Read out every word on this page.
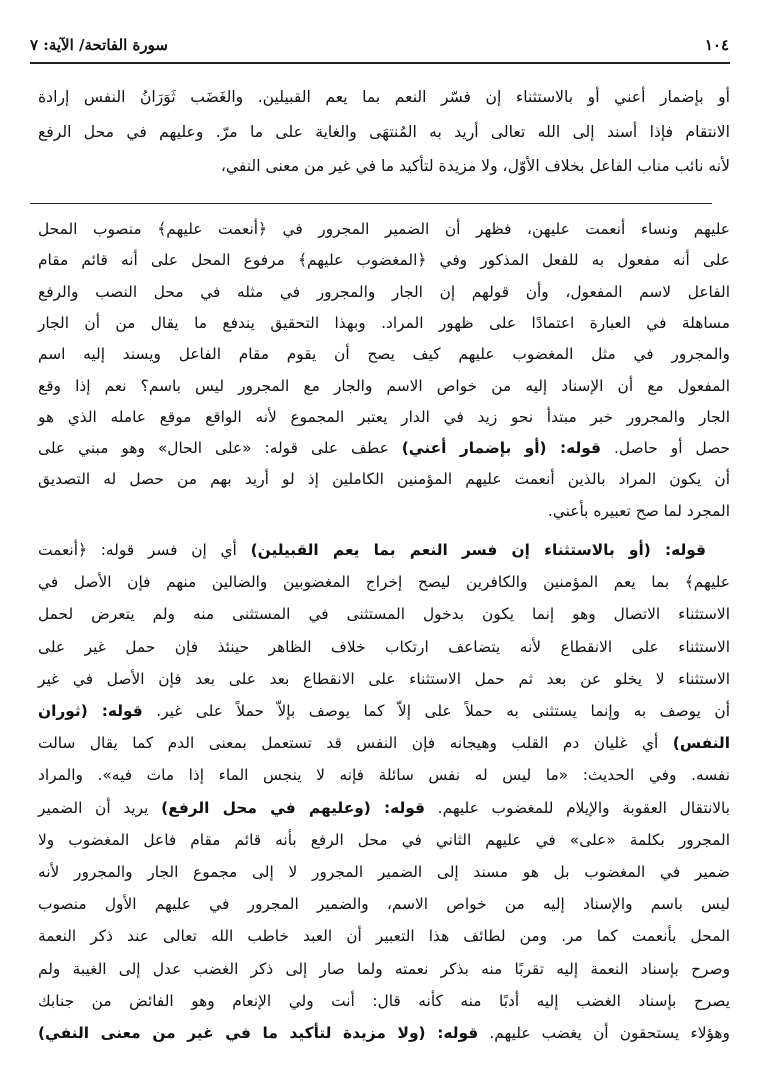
١٠٤
سورة الفاتحة/ الآية: ٧
أو بإضمار أعني أو بالاستثناء إن فسّر النعم بما يعم القبيلين. والغَضَب ثَوَرَانُ النفس إرادة
الانتقام فإذا أسند إلى الله تعالى أريد به المُنتهَى والغاية على ما مرّ. وعليهم في محل الرفع
لأنه نائب مناب الفاعل بخلاف الأوّل، ولا مزيدة لتأكيد ما في غير من معنى النفي،
عليهم ونساء أنعمت عليهن، فظهر أن الضمير المجرور في ﴿أنعمت عليهم﴾ منصوب المحل
على أنه مفعول به للفعل المذكور وفي ﴿المغضوب عليهم﴾ مرفوع المحل على أنه قائم مقام
الفاعل لاسم المفعول، وأن قولهم إن الجار والمجرور في مثله في محل النصب والرفع
مساهلة في العبارة اعتمادًا على ظهور المراد. وبهذا التحقيق يندفع ما يقال من أن الجار
والمجرور في مثل المغضوب عليهم كيف يصح أن يقوم مقام الفاعل ويسند إليه اسم
المفعول مع أن الإسناد إليه من خواص الاسم والجار مع المجرور ليس باسم؟ نعم إذا وقع
الجار والمجرور خبر مبتدأ نحو زيد في الدار يعتبر المجموع لأنه الواقع موقع عامله الذي هو
حصل أو حاصل. قوله: (أو بإضمار أعني) عطف على قوله: «على الحال» وهو مبني على
أن يكون المراد بالذين أنعمت عليهم المؤمنين الكاملين إذ لو أريد بهم من حصل له التصديق
المجرد لما صح تعبيره بأعني.
قوله: (أو بالاستثناء إن فسر النعم بما يعم القبيلين) أي إن فسر قوله: ﴿أنعمت
عليهم﴾ بما يعم المؤمنين والكافرين ليصح إخراج المغضوبين والضالين منهم فإن الأصل في
الاستثناء الاتصال وهو إنما يكون بدخول المستثنى في المستثنى منه ولم يتعرض لحمل
الاستثناء على الانقطاع لأنه يتضاعف ارتكاب خلاف الظاهر حينئذ فإن حمل غير على
الاستثناء لا يخلو عن بعد ثم حمل الاستثناء على الانقطاع بعد على بعد فإن الأصل في غير
أن يوصف به وإنما يستثنى به حملاً على إلاّ كما يوصف بإلاّ حملاً على غير. قوله: (ثوران
النفس) أي غليان دم القلب وهيجانه فإن النفس قد تستعمل بمعنى الدم كما يقال سالت
نفسه. وفي الحديث: «ما ليس له نفس سائلة فإنه لا ينجس الماء إذا مات فيه». والمراد
بالانتقال العقوبة والإيلام للمغضوب عليهم. قوله: (وعليهم في محل الرفع) يريد أن الضمير
المجرور بكلمة «على» في عليهم الثاني في محل الرفع بأنه قائم مقام فاعل المغضوب ولا
ضمير في المغضوب بل هو مسند إلى الضمير المجرور لا إلى مجموع الجار والمجرور لأنه
ليس باسم والإسناد إليه من خواص الاسم، والضمير المجرور في عليهم الأول منصوب
المحل بأنعمت كما مر. ومن لطائف هذا التعبير أن العبد خاطب الله تعالى عند ذكر النعمة
وصرح بإسناد النعمة إليه تقربًا منه بذكر نعمته ولما صار إلى ذكر الغضب عدل إلى الغيبة ولم
يصرح بإسناد الغضب إليه أدبًا منه كأنه قال: أنت ولي الإنعام وهو الفائض من جنابك
وهؤلاء يستحقون أن يغضب عليهم. قوله: (ولا مزيدة لتأكيد ما في غير من معنى النفي)
